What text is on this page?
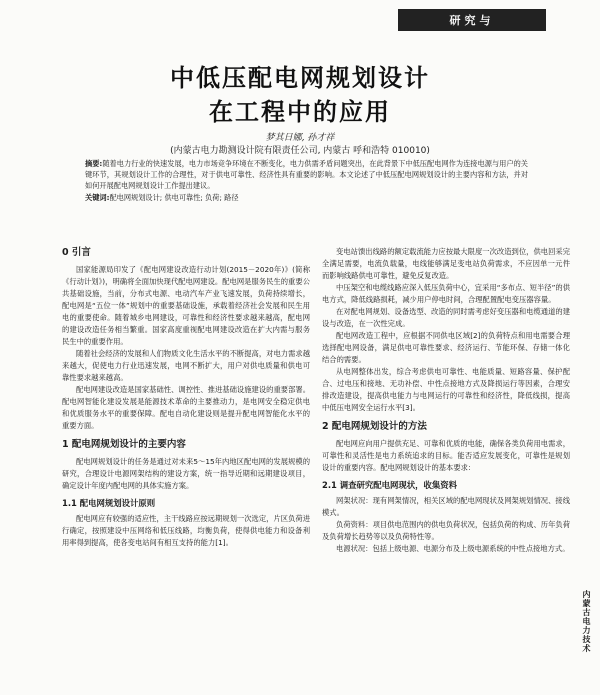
研究与
中低压配电网规划设计
在工程中的应用
梦其日娜, 孙才祥
(内蒙古电力勘测设计院有限责任公司, 内蒙古 呼和浩特 010010)

摘要:随着电力行业的快速发展，电力市场竞争环境在不断变化，电力供需矛盾问题突出，在此背景下中低压配电网作为连接电源与用户的关键环节，其规划设计工作的合理性，对于供电可靠性、经济性具有重要的影响。本文论述了中低压配电网规划设计的主要内容和方法，并对如何开展配电网规划设计工作提出建议。

关键词:配电网规划设计; 供电可靠性; 负荷; 路径

0 引言

国家能源局印发了《配电网建设改造行动计划(2015－2020年)》(简称《行动计划》)，明确将全面加快现代配电网建设。配电网是服务民生的重要公共基础设施，当前，分布式电源、电动汽车产业飞速发展，负荷持续增长，配电网是“五位一体”规划中的重要基础设施，承载着经济社会发展和民生用电的重要使命。随着城乡电网建设，可靠性和经济性要求越来越高，配电网的建设改造任务相当繁重。国家高度重视配电网建设改造在扩大内需与服务民生中的重要作用。

随着社会经济的发展和人们物质文化生活水平的不断提高，对电力需求越来越大，促使电力行业迅速发展，电网不断扩大，用户对供电质量和供电可靠性要求越来越高。

配电网建设改造是国家基础性、调控性、推进基础设施建设的重要部署。配电网智能化建设发展是能源技术革命的主要推动力，是电网安全稳定供电和优质服务水平的重要保障。配电自动化建设则是提升配电网智能化水平的重要方面。

1 配电网规划设计的主要内容

配电网规划设计的任务是通过对未来5～15年内地区配电网的发展规模的研究，合理设计电源网架结构的建设方案，统一指导近期和远期建设项目，确定设计年度内配电网的具体实施方案。

1.1 配电网规划设计原则

配电网应有较强的适应性，主干线路应按远期规划一次选定，片区负荷进行确定，按照建设中压网络和低压线路，均衡负荷，使得供电能力和设备利用率得到提高，使各变电站间有相互支持的能力[1]。

变电站馈出线路的额定载流能力应按最大限度一次改造到位，供电回采完全满足需要，电流负载量，电线能够满足变电站负荷需求，不应因单一元件而影响线路供电可靠性，避免反复改造。

中压架空和电缆线路应深入低压负荷中心，宜采用“多布点、短半径”的供电方式，降低线路损耗，减少用户停电时间，合理配置配电变压器容量。

在对配电网规划、设备选型、改造的同时需考虑好变压器和电缆通道的建设与改造，在一次性完成。

配电网改造工程中，应根据不同供电区域[2]的负荷特点和用电需要合理选择配电网设备，满足供电可靠性要求、经济运行、节能环保、存储一体化结合的需要。

从电网整体出发，综合考虑供电可靠性、电能质量、短路容量、保护配合、过电压和接地、无功补偿、中性点接地方式及降损运行等因素，合理安排改造建设，提高供电能力与电网运行的可靠性和经济性，降低线损，提高中低压电网安全运行水平[3]。

2 配电网规划设计的方法

配电网应向用户提供充足、可靠和优质的电能，确保各类负荷用电需求，可靠性和灵活性是电力系统追求的目标。能否适应发展变化，可靠性是规划设计的重要内容。配电网规划设计的基本要求：

2.1 调查研究配电网现状，收集资料

网架状况：现有网架情况，相关区域的配电网现状及网架规划情况、接线模式。

负荷资料：项目供电范围内的供电负荷状况，包括负荷的构成、历年负荷及负荷增长趋势等以及负荷特性等。

电源状况：包括上级电源、电源分布及上级电源系统的中性点接地方式。

内蒙古电力技术
